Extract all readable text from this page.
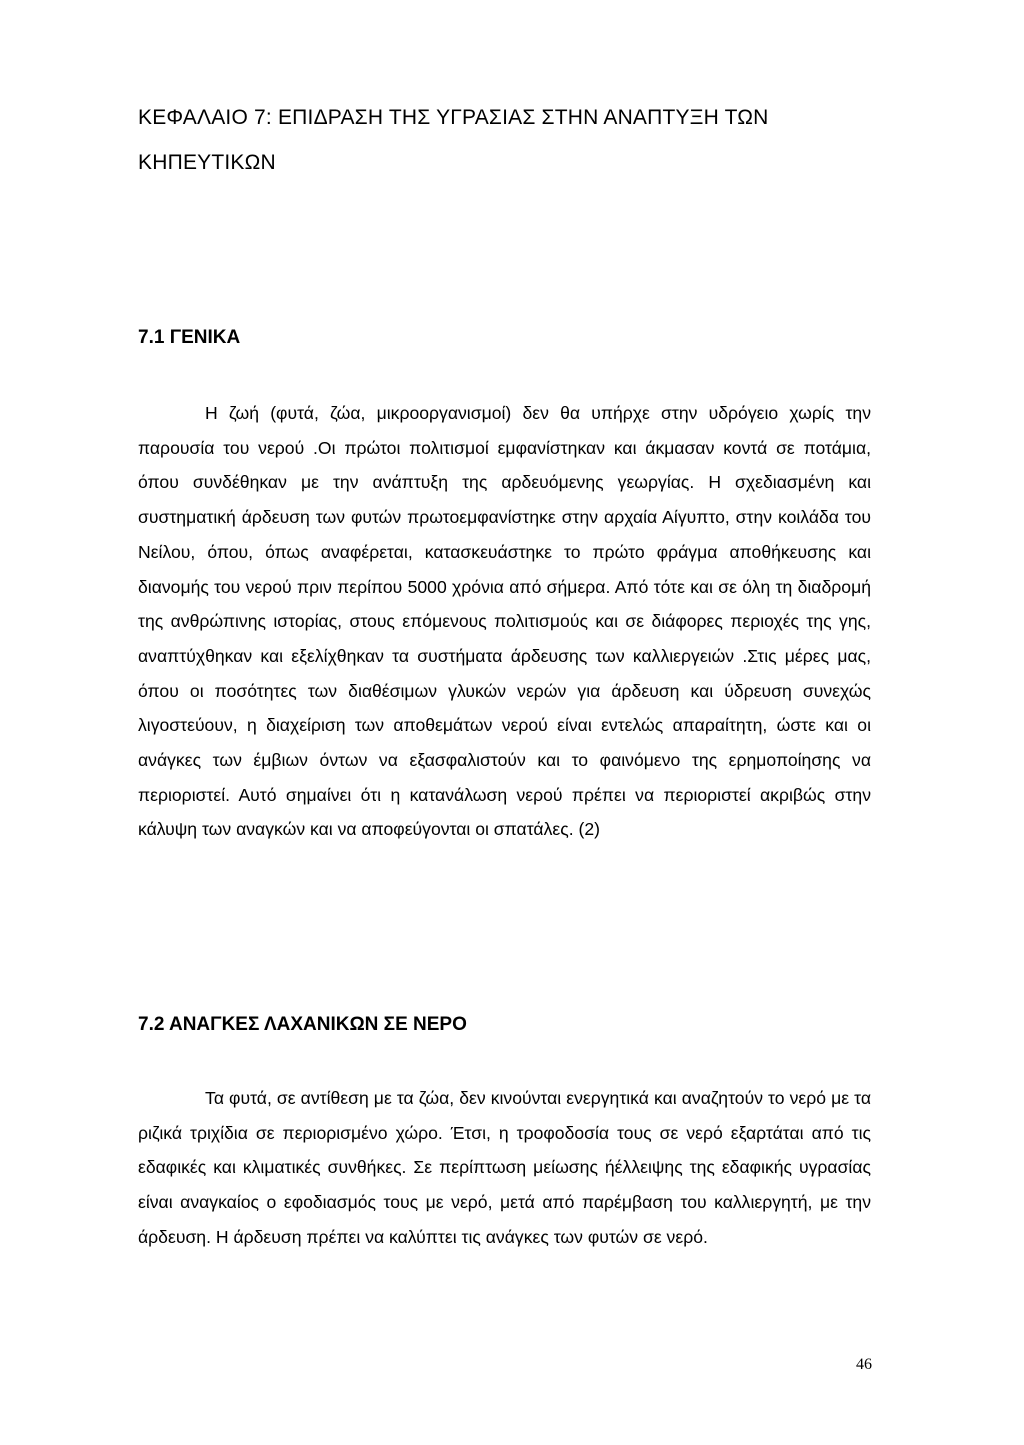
ΚΕΦΑΛΑΙΟ 7: ΕΠΙΔΡΑΣΗ ΤΗΣ ΥΓΡΑΣΙΑΣ ΣΤΗΝ ΑΝΑΠΤΥΞΗ ΤΩΝ ΚΗΠΕΥΤΙΚΩΝ
7.1 ΓΕΝΙΚΑ

Η ζωή (φυτά, ζώα, μικροοργανισμοί) δεν θα υπήρχε στην υδρόγειο χωρίς την παρουσία του νερού .Οι πρώτοι πολιτισμοί εμφανίστηκαν και άκμασαν κοντά σε ποτάμια, όπου συνδέθηκαν με την ανάπτυξη της αρδευόμενης γεωργίας. Η σχεδιασμένη και συστηματική άρδευση των φυτών πρωτοεμφανίστηκε στην αρχαία Αίγυπτο, στην κοιλάδα του Νείλου, όπου, όπως αναφέρεται, κατασκευάστηκε το πρώτο φράγμα αποθήκευσης και διανομής του νερού πριν περίπου 5000 χρόνια από σήμερα. Από τότε και σε όλη τη διαδρομή της ανθρώπινης ιστορίας, στους επόμενους πολιτισμούς και σε διάφορες περιοχές της γης, αναπτύχθηκαν και εξελίχθηκαν τα συστήματα άρδευσης των καλλιεργειών .Στις μέρες μας, όπου οι ποσότητες των διαθέσιμων γλυκών νερών για άρδευση και ύδρευση συνεχώς λιγοστεύουν, η διαχείριση των αποθεμάτων νερού είναι εντελώς απαραίτητη, ώστε και οι ανάγκες των έμβιων όντων να εξασφαλιστούν και το φαινόμενο της ερημοποίησης να περιοριστεί. Αυτό σημαίνει ότι η κατανάλωση νερού πρέπει να περιοριστεί ακριβώς στην κάλυψη των αναγκών και να αποφεύγονται οι σπατάλες. (2)

7.2 ΑΝΑΓΚΕΣ ΛΑΧΑΝΙΚΩΝ ΣΕ ΝΕΡΟ

Τα φυτά, σε αντίθεση με τα ζώα, δεν κινούνται ενεργητικά και αναζητούν το νερό με τα ριζικά τριχίδια σε περιορισμένο χώρο. Έτσι, η τροφοδοσία τους σε νερό εξαρτάται από τις εδαφικές και κλιματικές συνθήκες. Σε περίπτωση μείωσης ήέλλειψης της εδαφικής υγρασίας είναι αναγκαίος ο εφοδιασμός τους με νερό, μετά από παρέμβαση του καλλιεργητή, με την άρδευση. Η άρδευση πρέπει να καλύπτει τις ανάγκες των φυτών σε νερό.

46
